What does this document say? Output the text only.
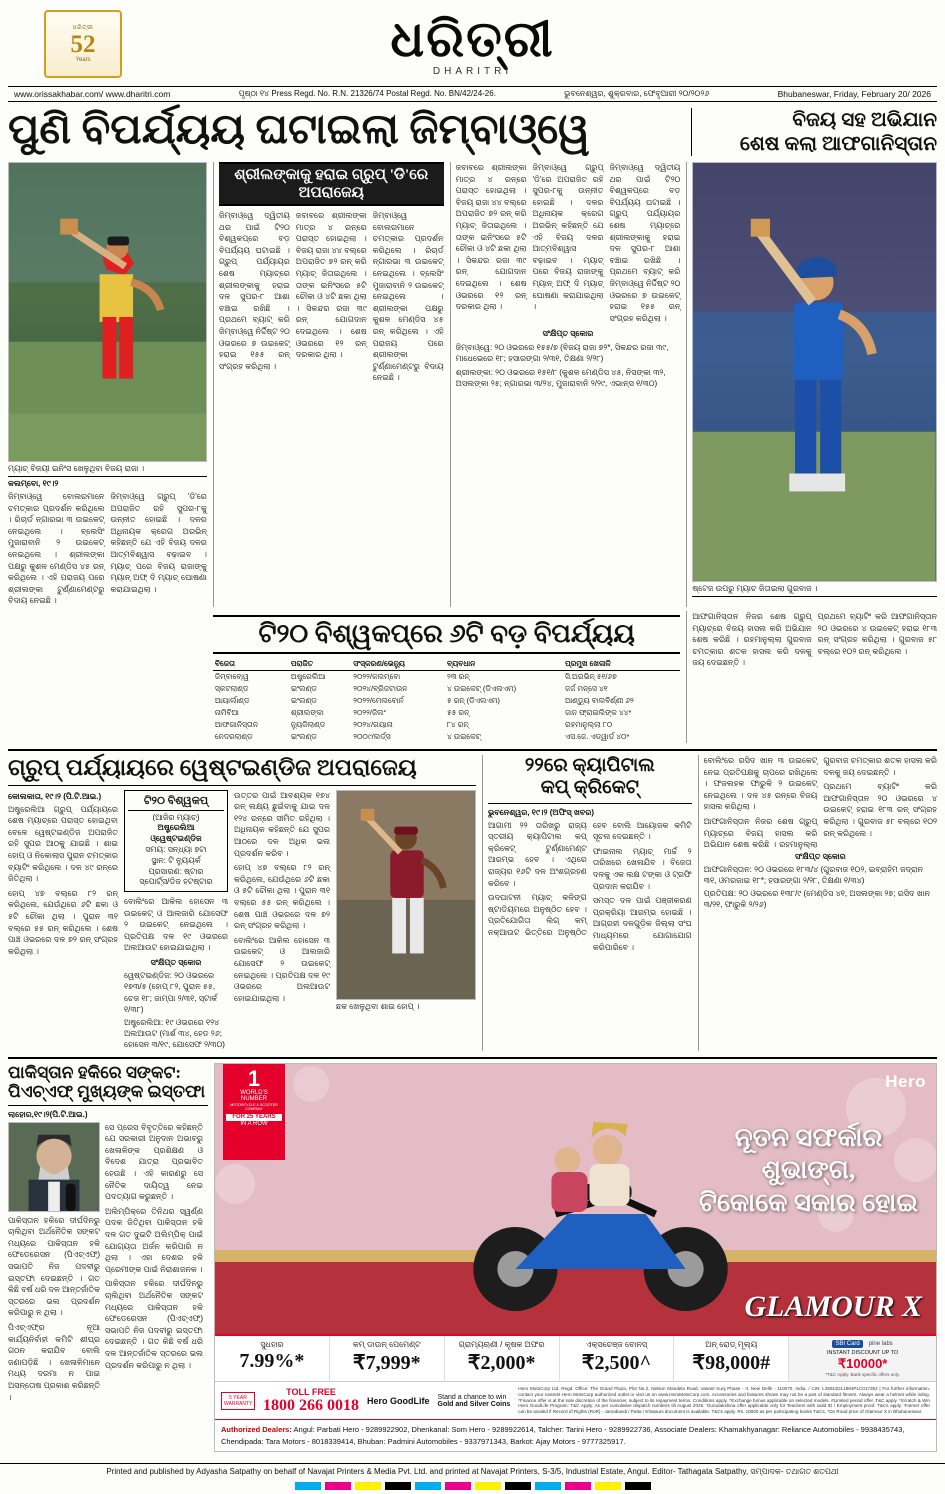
ଧରିତ୍ରୀ
52
Years	ଧରିତ୍ରୀ
DHARITRI
www.orissakhabar.com/ www.dharitri.com	ପୃଷ୍ଠା ୧୪ Press Regd. No. R.N. 21326/74 Postal Regd. No. BN/42/24-26.	ଭୁବନେଶ୍ୱର, ଶୁକ୍ରବାର, ଫେବୃଆରୀ ୨୦/୨୦୨୬	Bhubaneswar, Friday, February 20/ 2026
ପୁଣି ବିପର୍ଯ୍ୟୟ ଘଟାଇଲା ଜିମ୍ବାଓ୍ୱେ	ବିଜୟ ସହ ଅଭିଯାନ
ଶେଷ କଲା ଆଫଗାନିସ୍ତାନ
ମ୍ୟାଚ୍ ବିଜୟୀ ଇନିଂସ ଖେଳୁଥିବା ବିଜୟ ରାଜା ।
କଲମ୍ବୋ, ୧୯।୨

ଜିମ୍ବାଓ୍ୱେ ବୋଲରମାନେ ଚମତ୍କାର ପ୍ରଦର୍ଶନ କରିଥିଲେ । ରିଚାର୍ଡ ନ୍ଗାରଭା ୩ ଉଇକେଟ୍ ନେଇଥିଲେ । ବ୍ଲେସିଂ ମୁଜାରାବାନି ୨ ଉଇକେଟ୍ ନେଇଥିଲେ । ଶ୍ରୀଲଙ୍କା ପକ୍ଷରୁ କୁଶଳ ମେଣ୍ଡିସ ୪୫ ରନ୍ କରିଥିଲେ । ଏହି ପରାଜୟ ପରେ ଶ୍ରୀଲଙ୍କା ଟୁର୍ଣ୍ଣାମେଣ୍ଟରୁ ବିଦାୟ ନେଇଛି ।

ଜିମ୍ବାଓ୍ୱେ ଗ୍ରୁପ୍ 'ଡି'ରେ ଅପରାଜିତ ରହି ସୁପର-୮କୁ ଉନ୍ନୀତ ହୋଇଛି । ଦଳର ଅଧିନାୟକ କ୍ରେଗ ଅରଭିନ୍ କହିଛନ୍ତି ଯେ ଏହି ବିଜୟ ଦଳର ଆତ୍ମବିଶ୍ୱାସ ବଢ଼ାଇବ । ମ୍ୟାଚ୍ ପରେ ବିଜୟ ରାଜାଙ୍କୁ ମ୍ୟାନ୍ ଅଫ୍ ଦି ମ୍ୟାଚ୍ ଘୋଷଣା କରାଯାଇଥିଲା ।

ଶ୍ରୀଲଙ୍କାକୁ ହରାଇ ଗ୍ରୁପ୍ 'ଡି'ରେ ଅପରାଜେୟ

ଜିମ୍ବାଓ୍ୱେ ଦ୍ୱିତୀୟ ଥର ପାଇଁ ଟି୨୦ ବିଶ୍ୱକପ୍‌ରେ ବଡ଼ ବିପର୍ଯ୍ୟୟ ଘଟାଇଛି । ଗ୍ରୁପ୍ ପର୍ଯ୍ୟାୟର ଶେଷ ମ୍ୟାଚ୍‌ରେ ଶ୍ରୀଲଙ୍କାକୁ ହରାଇ ଦଳ ସୁପର-୮ ଆଶା ବଞ୍ଚାଇ ରଖିଛି । ପ୍ରଥମେ ବ୍ୟାଟ୍ କରି ଜିମ୍ବାଓ୍ୱେ ନିର୍ଦ୍ଦିଷ୍ଟ ୨୦ ଓଭରରେ ୭ ଉଇକେଟ୍ ହରାଇ ୧୫୫ ରନ୍ ସଂଗ୍ରହ କରିଥିଲା ।

ଜବାବରେ ଶ୍ରୀଲଙ୍କା ମାତ୍ର ୪ ରନ୍‌ରେ ପରାସ୍ତ ହୋଇଥିଲା । ବିଜୟ ରାଜା ୪୪ ବଲ୍‌ରେ ଅପରାଜିତ ୭୨ ରନ୍ କରି ମ୍ୟାଚ୍ ଜିତାଇଥିଲେ । ତାଙ୍କ ଇନିଂସରେ ୫ଟି ଚୌକା ଓ ୪ଟି ଛକା ଥିଲା । ସିକନ୍ଦର ରଜା ୩୯ ରନ୍ ଯୋଗଦାନ ଦେଇଥିଲେ । ଶେଷ ଓଭରରେ ୧୨ ରନ୍ ଦରକାର ଥିଲା ।

ଜିମ୍ବାଓ୍ୱେ ବୋଲରମାନେ ଚମତ୍କାର ପ୍ରଦର୍ଶନ କରିଥିଲେ । ରିଚାର୍ଡ ନ୍ଗାରଭା ୩ ଉଇକେଟ୍ ନେଇଥିଲେ । ବ୍ଲେସିଂ ମୁଜାରାବାନି ୨ ଉଇକେଟ୍ ନେଇଥିଲେ । ଶ୍ରୀଲଙ୍କା ପକ୍ଷରୁ କୁଶଳ ମେଣ୍ଡିସ ୪୫ ରନ୍ କରିଥିଲେ । ଏହି ପରାଜୟ ପରେ ଶ୍ରୀଲଙ୍କା ଟୁର୍ଣ୍ଣାମେଣ୍ଟରୁ ବିଦାୟ ନେଇଛି ।

ଜବାବରେ ଶ୍ରୀଲଙ୍କା ମାତ୍ର ୪ ରନ୍‌ରେ ପରାସ୍ତ ହୋଇଥିଲା । ବିଜୟ ରାଜା ୪୪ ବଲ୍‌ରେ ଅପରାଜିତ ୭୨ ରନ୍ କରି ମ୍ୟାଚ୍ ଜିତାଇଥିଲେ । ତାଙ୍କ ଇନିଂସରେ ୫ଟି ଚୌକା ଓ ୪ଟି ଛକା ଥିଲା । ସିକନ୍ଦର ରଜା ୩୯ ରନ୍ ଯୋଗଦାନ ଦେଇଥିଲେ । ଶେଷ ଓଭରରେ ୧୨ ରନ୍ ଦରକାର ଥିଲା ।

ଜିମ୍ବାଓ୍ୱେ ଗ୍ରୁପ୍ 'ଡି'ରେ ଅପରାଜିତ ରହି ସୁପର-୮କୁ ଉନ୍ନୀତ ହୋଇଛି । ଦଳର ଅଧିନାୟକ କ୍ରେଗ ଅରଭିନ୍ କହିଛନ୍ତି ଯେ ଏହି ବିଜୟ ଦଳର ଆତ୍ମବିଶ୍ୱାସ ବଢ଼ାଇବ । ମ୍ୟାଚ୍ ପରେ ବିଜୟ ରାଜାଙ୍କୁ ମ୍ୟାନ୍ ଅଫ୍ ଦି ମ୍ୟାଚ୍ ଘୋଷଣା କରାଯାଇଥିଲା ।

ଜିମ୍ବାଓ୍ୱେ ଦ୍ୱିତୀୟ ଥର ପାଇଁ ଟି୨୦ ବିଶ୍ୱକପ୍‌ରେ ବଡ଼ ବିପର୍ଯ୍ୟୟ ଘଟାଇଛି । ଗ୍ରୁପ୍ ପର୍ଯ୍ୟାୟର ଶେଷ ମ୍ୟାଚ୍‌ରେ ଶ୍ରୀଲଙ୍କାକୁ ହରାଇ ଦଳ ସୁପର-୮ ଆଶା ବଞ୍ଚାଇ ରଖିଛି । ପ୍ରଥମେ ବ୍ୟାଟ୍ କରି ଜିମ୍ବାଓ୍ୱେ ନିର୍ଦ୍ଦିଷ୍ଟ ୨୦ ଓଭରରେ ୭ ଉଇକେଟ୍ ହରାଇ ୧୫୫ ରନ୍ ସଂଗ୍ରହ କରିଥିଲା ।

ସଂକ୍ଷିପ୍ତ ସ୍କୋର

ଜିମ୍ବାଓ୍ୱେ: ୨୦ ଓଭରରେ ୧୫୫/୭ (ବିଜୟ ରାଜା ୭୨*, ସିକନ୍ଦର ରଜା ୩୯, ମାଧେଭେରେ ୧୮; ହସାରଙ୍ଗା ୨/୩୧, ତିକ୍ଷଣା ୨/୨୮)

ଶ୍ରୀଲଙ୍କା: ୨୦ ଓଭରରେ ୧୫୧/୮ (କୁଶଳ ମେଣ୍ଡିସ ୪୫, ନିସଙ୍କା ୩୨, ଅସଲଙ୍କା ୨୫; ନ୍ଗାରଭା ୩/୨୪, ମୁଜାରାବାନି ୨/୨୯, ଏଭାନ୍ସ ୧/୩୦)

ଷ୍ଟେଜ ଉପରୁ ମ୍ୟାଚ ଜିତାଇଲା ଗୁରବାଜ ।
ଟି୨୦ ବିଶ୍ୱକପ୍‌ରେ ୬ଟି ବଡ଼ ବିପର୍ଯ୍ୟୟ
ବିଜେତା	ପରାଜିତ	ସଂସ୍କରଣ/ଭେନ୍ୟୁ	ବ୍ୟବଧାନ	ପ୍ରମୁଖ ଖେଳାଳି
ଜିମ୍ବାବୋ୍ୱ	ଅଷ୍ଟ୍ରେଲିଆ	୨୦୨୨/କଲମ୍ବୋ	୨୩ ରନ୍	ସି.ଅରଭିନ୍ ୫୧/୬୭
ସ୍କଟଲାଣ୍ଡ	ଇଂଲଣ୍ଡ	୨୦୨୪/ବ୍ରିଜଟାଉନ	୪ ଉଇକେଟ୍ (ଡିଏଲଏମ)	ଜର୍ଜ ମନ୍‌ସେ ୪୧
ଆୟାର୍ଲାଣ୍ଡ	ଇଂଲଣ୍ଡ	୨୦୨୨/ମେଲବୋର୍ନ	୫ ରନ୍ (ଡିଏଲଏମ)	ଆଣ୍ଡ୍ୟୁ ବାଲବିର୍ଣ୍ଣୀ ୬୨
ନାମିବିଆ	ଶ୍ରୀଲଙ୍କା	୨୦୨୨/ଜିଲଂ	୫୫ ରନ୍	ଜାନ ଫ୍ରାଇଲିଙ୍କ ୪୪*
ଆଫଗାନିସ୍ତାନ	ନ୍ୟୁଜିଲାଣ୍ଡ	୨୦୨୪/ଗୟାନା	୮୪ ରନ୍	ରହମାନୁଲ୍ଲା ୮୦
ନେଦରଲାଣ୍ଡ	ଇଂଲଣ୍ଡ	୨୦୦୯/ଲର୍ଡ୍ସ	୪ ଉଇକେଟ୍	ଏସ.ଜେ. ଏଡ୍‌ୱାର୍ଡ ୪୦*

ଆଫଗାନିସ୍ତାନ ନିଜର ଶେଷ ଗ୍ରୁପ୍ ମ୍ୟାଚ୍‌ରେ ବିଜୟ ହାସଲ କରି ଅଭିଯାନ ଶେଷ କରିଛି । ରହମାନୁଲ୍ଲା ଗୁରବାଜ ଚମତ୍କାର ଶତକ ହାସଲ କରି ଦଳକୁ ଜୟ ଦେଇଛନ୍ତି ।

ପ୍ରଥମେ ବ୍ୟାଟିଂ କରି ଆଫଗାନିସ୍ତାନ ୨୦ ଓଭରରେ ୪ ଉଇକେଟ୍ ହରାଇ ୧୮୩ ରନ୍ ସଂଗ୍ରହ କରିଥିଲା । ଗୁରବାଜ ୫୮ ବଲ୍‌ରେ ୧୦୨ ରନ୍ କରିଥିଲେ ।

ଗ୍ରୁପ୍ ପର୍ଯ୍ୟାୟରେ ୱେଷ୍ଟଇଣ୍ଡିଜ ଅପରାଜେୟ
କୋଲକାତା, ୧୯।୨ (ପି.ଟି.ଆଇ.)

ଅଷ୍ଟ୍ରେଲିଆ ଗ୍ରୁପ୍ ପର୍ଯ୍ୟାୟରେ ଶେଷ ମ୍ୟାଚ୍‌ରେ ପରାସ୍ତ ହୋଇଥିବା ବେଳେ ୱେଷ୍ଟଇଣ୍ଡିଜ ଅପରାଜିତ ରହି ସୁପର ଆଠକୁ ଯାଇଛି । ଶାଇ ହୋପ୍ ଓ ନିକୋଲାସ ପୁରାନ ଚମତ୍କାର ବ୍ୟାଟିଂ କରିଥିଲେ । ଦଳ ୪୯ ରନ୍‌ରେ ଜିତିଥିଲା ।

ହୋପ୍ ୪୭ ବଲ୍‌ରେ ୮୨ ରନ୍ କରିଥିଲେ, ଯେଉଁଥିରେ ୬ଟି ଛକା ଓ ୫ଟି ଚୌକା ଥିଲା । ପୁରାନ ୩୧ ବଲ୍‌ରେ ୫୫ ରନ୍ କରିଥିଲେ । ଶେଷ ପାଞ୍ଚ ଓଭରରେ ଦଳ ୭୨ ରନ୍ ସଂଗ୍ରହ କରିଥିଲା ।

ଟି୨୦ ବିଶ୍ୱକପ୍
(ଆଜିର ମ୍ୟାଚ୍)
ଅଷ୍ଟ୍ରେଲିଆ
ଓ୍ୱେଷ୍ଟଇଣ୍ଡିଜ
ସମୟ: ସନ୍ଧ୍ୟା ୭ଟା
ସ୍ଥାନ: ଟି ନ୍ୟୁୟର୍କ
ପ୍ରସାରଣ: ଷ୍ଟାର
ସ୍ପୋର୍ଟ୍ସ/ଡିଜ ହଟଷ୍ଟାର

ବୋଲିଂରେ ଆକିଲ ହୋସେନ ୩ ଉଇକେଟ୍ ଓ ଆଲଜାରି ଯୋସେଫ ୨ ଉଇକେଟ୍ ନେଇଥିଲେ । ପ୍ରତିପକ୍ଷ ଦଳ ୧୯ ଓଭରରେ ଅଲଆଉଟ ହୋଇଯାଇଥିଲା ।

ସଂକ୍ଷିପ୍ତ ସ୍କୋର

ୱେଷ୍ଟଇଣ୍ଡିଜ: ୨୦ ଓଭରରେ ୧୭୩/୫ (ହୋପ୍ ୮୨, ପୁରାନ ୫୫, ଚେଜ ୧୮; ଜାମ୍ପା ୨/୩୧, ସ୍ଟାର୍କ ୧/୩୮)

ଅଷ୍ଟ୍ରେଲିଆ: ୧୯ ଓଭରରେ ୧୨୪ ଅଲଆଉଟ (ମାର୍ଶ ୩୪, ହେଡ ୨୬; ହୋସେନ ୩/୧୯, ଯୋସେଫ ୨/୩୦)

ଉତ୍ତର ପାଇଁ ଆବଶ୍ୟକ ୧୭୪ ରନ୍ ଲକ୍ଷ୍ୟ ଛୁଇଁବାକୁ ଯାଇ ଦଳ ୧୨୪ ରନ୍‌ରେ ସୀମିତ ରହିଥିଲା । ଅଧିନାୟକ କହିଛନ୍ତି ଯେ ସୁପର ଆଠରେ ଦଳ ଅଧିକ ଭଲ ପ୍ରଦର୍ଶନ କରିବ ।

ହୋପ୍ ୪୭ ବଲ୍‌ରେ ୮୨ ରନ୍ କରିଥିଲେ, ଯେଉଁଥିରେ ୬ଟି ଛକା ଓ ୫ଟି ଚୌକା ଥିଲା । ପୁରାନ ୩୧ ବଲ୍‌ରେ ୫୫ ରନ୍ କରିଥିଲେ । ଶେଷ ପାଞ୍ଚ ଓଭରରେ ଦଳ ୭୨ ରନ୍ ସଂଗ୍ରହ କରିଥିଲା ।

ବୋଲିଂରେ ଆକିଲ ହୋସେନ ୩ ଉଇକେଟ୍ ଓ ଆଲଜାରି ଯୋସେଫ ୨ ଉଇକେଟ୍ ନେଇଥିଲେ । ପ୍ରତିପକ୍ଷ ଦଳ ୧୯ ଓଭରରେ ଅଲଆଉଟ ହୋଇଯାଇଥିଲା ।

ଛକ ଖେଳୁଥିବା ଶାଇ ହୋପ୍ ।
୨୨ରେ କ୍ୟାପିଟାଲ
କପ୍ କ୍ରିକେଟ୍
ଭୁବନେଶ୍ୱର, ୧୯।୨ (ଅଫିସ୍ ଖବର)

ଆଗାମୀ ୨୨ ତାରିଖରୁ ରାଜ୍ୟ ସ୍ତରୀୟ କ୍ୟାପିଟାଲ କପ୍ କ୍ରିକେଟ୍ ଟୁର୍ଣ୍ଣାମେଣ୍ଟ ଆରମ୍ଭ ହେବ । ଏଥିରେ ରାଜ୍ୟର ୧୬ଟି ଦଳ ଅଂଶଗ୍ରହଣ କରିବେ ।

ଉଦଘାଟନୀ ମ୍ୟାଚ୍ କଳିଙ୍ଗ ଷ୍ଟାଡିୟମରେ ଅନୁଷ୍ଠିତ ହେବ । ପ୍ରତିଯୋଗିତା ଲିଗ୍ କମ୍ ନକ୍‌ଆଉଟ ଭିତ୍ତିରେ ଅନୁଷ୍ଠିତ ହେବ ବୋଲି ଆୟୋଜକ କମିଟି ସୂଚନା ଦେଇଛନ୍ତି ।

ଫାଇନାଲ ମ୍ୟାଚ୍ ମାର୍ଚ୍ଚ ୨ ତାରିଖରେ ଖେଳାଯିବ । ବିଜେତା ଦଳକୁ ଏକ ଲକ୍ଷ ଟଙ୍କା ଓ ଟ୍ରଫି ପ୍ରଦାନ କରାଯିବ ।

ସମସ୍ତ ଦଳ ପାଇଁ ପଞ୍ଜୀକରଣ ପ୍ରକ୍ରିୟା ଆରମ୍ଭ ହୋଇଛି । ଆଗ୍ରହୀ ଦଳଗୁଡ଼ିକ ଜିଲ୍ଲା ସଂଘ ମାଧ୍ୟମରେ ଯୋଗାଯୋଗ କରିପାରିବେ ।

ବୋଲିଂରେ ରସିଦ ଖାନ ୩ ଉଇକେଟ୍ ନେଇ ପ୍ରତିପକ୍ଷକୁ ଚାପରେ ରଖିଥିଲେ । ଫଜଲହକ ଫାରୁକି ୨ ଉଇକେଟ୍ ନେଇଥିଲେ । ଦଳ ୪୫ ରନ୍‌ରେ ବିଜୟ ହାସଲ କରିଥିଲା ।

ଆଫଗାନିସ୍ତାନ ନିଜର ଶେଷ ଗ୍ରୁପ୍ ମ୍ୟାଚ୍‌ରେ ବିଜୟ ହାସଲ କରି ଅଭିଯାନ ଶେଷ କରିଛି । ରହମାନୁଲ୍ଲା ଗୁରବାଜ ଚମତ୍କାର ଶତକ ହାସଲ କରି ଦଳକୁ ଜୟ ଦେଇଛନ୍ତି ।

ପ୍ରଥମେ ବ୍ୟାଟିଂ କରି ଆଫଗାନିସ୍ତାନ ୨୦ ଓଭରରେ ୪ ଉଇକେଟ୍ ହରାଇ ୧୮୩ ରନ୍ ସଂଗ୍ରହ କରିଥିଲା । ଗୁରବାଜ ୫୮ ବଲ୍‌ରେ ୧୦୨ ରନ୍ କରିଥିଲେ ।

ସଂକ୍ଷିପ୍ତ ସ୍କୋର

ଆଫଗାନିସ୍ତାନ: ୨୦ ଓଭରରେ ୧୮୩/୪ (ଗୁରବାଜ ୧୦୨, ଇବ୍ରାହିମ ଜଦ୍ରାନ ୩୧, ଓମରଜାଇ ୧୮*; ହସାରଙ୍ଗା ୨/୨୮, ତିକ୍ଷଣା ୧/୩୪)

ପ୍ରତିପକ୍ଷ: ୨୦ ଓଭରରେ ୧୩୮/୯ (ମେଣ୍ଡିସ ୪୧, ଅସଲଙ୍କା ୨୭; ରସିଦ ଖାନ ୩/୨୧, ଫାରୁକି ୨/୨୬)

ପାକିସ୍ତାନ ହକିରେ ସଙ୍କଟ:
ପିଏଚ୍‌ଏଫ୍ ମୁଖ୍ୟଙ୍କ ଇସ୍ତଫା
ଲାହୋର,୧୯।୨(ପି.ଟି.ଆଇ.)

ପାକିସ୍ତାନ ହକିରେ ଦୀର୍ଘଦିନରୁ ଚାଲିଥିବା ଅର୍ଥନୈତିକ ସଙ୍କଟ ମଧ୍ୟରେ ପାକିସ୍ତାନ ହକି ଫେଡେରେସନ (ପିଏଚ୍‌ଏଫ୍) ସଭାପତି ନିଜ ପଦବୀରୁ ଇସ୍ତଫା ଦେଇଛନ୍ତି । ଗତ କିଛି ବର୍ଷ ଧରି ଦଳ ଆନ୍ତର୍ଜାତିକ ସ୍ତରରେ ଭଲ ପ୍ରଦର୍ଶନ କରିପାରୁ ନ ଥିଲା ।

ପିଏଚ୍‌ଏଫ୍‌ର ନୂଆ କାର୍ଯ୍ୟନିର୍ବାହୀ କମିଟି ଶୀଘ୍ର ଗଠନ କରାଯିବ ବୋଲି ଜଣାପଡ଼ିଛି । ଖେଳାଳିମାନେ ମଧ୍ୟ ଦରମା ନ ପାଇ ଅସନ୍ତୋଷ ପ୍ରକାଶ କରିଛନ୍ତି ।

ସେ ପ୍ରେସ ବିବୃତ୍ତିରେ କହିଛନ୍ତି ଯେ ସରକାରୀ ଅନୁଦାନ ଅଭାବରୁ ଖେଳାଳିଙ୍କ ପ୍ରଶିକ୍ଷଣ ଓ ବିଦେଶ ଯାତ୍ରା ପ୍ରଭାବିତ ହେଉଛି । ଏହି କାରଣରୁ ସେ ନୈତିକ ଦାୟିତ୍ୱ ନେଇ ପଦତ୍ୟାଗ କରୁଛନ୍ତି ।

ଅଲିମ୍ପିକ୍‌ରେ ତିନିଥର ସ୍ୱର୍ଣ୍ଣ ପଦକ ଜିତିଥିବା ପାକିସ୍ତାନ ହକି ଦଳ ଗତ ଦୁଇଟି ଅଲିମ୍ପିକ୍ ପାଇଁ ଯୋଗ୍ୟତା ଅର୍ଜନ କରିପାରି ନ ଥିଲା । ଏହା ଦେଶର ହକି ପ୍ରେମୀଙ୍କ ପାଇଁ ନିରାଶାଜନକ ।

ପାକିସ୍ତାନ ହକିରେ ଦୀର୍ଘଦିନରୁ ଚାଲିଥିବା ଅର୍ଥନୈତିକ ସଙ୍କଟ ମଧ୍ୟରେ ପାକିସ୍ତାନ ହକି ଫେଡେରେସନ (ପିଏଚ୍‌ଏଫ୍) ସଭାପତି ନିଜ ପଦବୀରୁ ଇସ୍ତଫା ଦେଇଛନ୍ତି । ଗତ କିଛି ବର୍ଷ ଧରି ଦଳ ଆନ୍ତର୍ଜାତିକ ସ୍ତରରେ ଭଲ ପ୍ରଦର୍ଶନ କରିପାରୁ ନ ଥିଲା ।

1
WORLD'S
NUMBER
MOTORCYCLE & SCOOTER COMPANY
FOR 25 YEARS
IN A ROW
Hero
ନୂତନ ସଫର୍କାର
ଶୁଭାଙ୍ଗ,
ଟିକୋକେ ସକାର ହୋଇ
GLAMOUR X
ସୁଧହାର
7.99%*
କମ୍ ଡାଉନ୍ ପେମେଣ୍ଟ
₹7,999*
ଗ୍ରାମ୍ୟଋଣୀ / କୃଷକ ଅଫର
₹2,000*
ଏକ୍ସଚେଞ୍ଜ ବୋନସ୍
₹2,500^
ଅନ୍ ରୋଡ୍ ମୂଲ୍ୟ
₹98,000#
SBI Card	pine labs
INSTANT DISCOUNT UP TO
₹10000*
*T&C Apply. Bank specific offers only.
5 YEAR WARRANTY
TOLL FREE
1800 266 0018 Hero GoodLife Stand a chance to win
Gold and Silver Coins
Hero MotoCorp Ltd. Regd. Office: The Grand Plaza, Plot No.2, Nelson Mandela Road, Vasant Kunj Phase - II, New Delhi - 110070, India. / CIN: L35911DL1984PLC017354 | For further information, contact your nearest Hero MotoCorp authorized outlet or visit us on www.HeroMotoCorp.com. Accessories and features shown may not be a part of standard fitment. Always wear a helmet while riding. *Finance offer is at the sole discretion of the financier, subject to its repayment terms. Conditions apply. ^Exchange bonus applicable on selected models. #Limited period offer. T&C apply. *Scratch & Win Hero GoodLife Program: T&C Apply. As per cumulative dispatch numbers till August 2025. 'Gurudakshina offer applicable only for Teachers with valid ID / Employment proof. T&Cs apply. 'Farmer offer can be availed if Record of Rights (RoR) - Jamabandi / Patta / Khatauni document is available. T&Cs apply. Rs. 10000 as per participating banks T&Cs. *On Road price of Glamour X in Bhubaneswar.
Authorized Dealers: Angul: Parbati Hero - 9289922902, Dhenkanal: Som Hero - 9289922614, Talcher: Tarini Hero - 9289922736, Associate Dealers: Khamakhyanagar: Reliance Automobiles - 9938435743, Chendipada: Tara Motors - 8018339414, Bhuban: Padmini Automobiles - 9337971343, Barkot: Ajay Motors - 9777325917.
Printed and published by Adyasha Satpathy on behalf of Navajat Printers & Media Pvt. Ltd. and printed at Navajat Printers, S-3/5, Industrial Estate, Angul. Editor- Tathagata Satpathy, ସମ୍ପାଦକ- ତଥାଗତ ଶତପଥୀ
